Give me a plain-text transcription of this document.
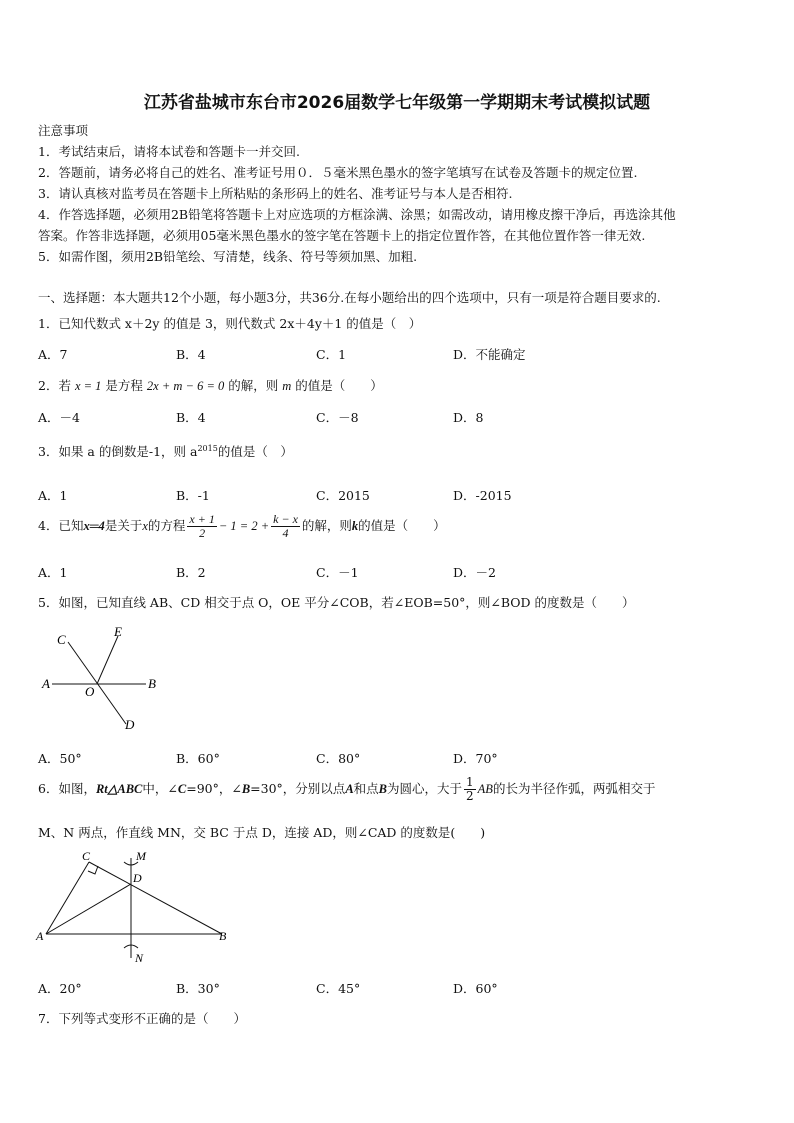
江苏省盐城市东台市2026届数学七年级第一学期期末考试模拟试题
注意事项
1．考试结束后，请将本试卷和答题卡一并交回.
2．答题前，请务必将自己的姓名、准考证号用０．５毫米黑色墨水的签字笔填写在试卷及答题卡的规定位置.
3．请认真核对监考员在答题卡上所粘贴的条形码上的姓名、准考证号与本人是否相符.
4．作答选择题，必须用2B铅笔将答题卡上对应选项的方框涂满、涂黑；如需改动，请用橡皮擦干净后，再选涂其他
答案。作答非选择题，必须用05毫米黑色墨水的签字笔在答题卡上的指定位置作答，在其他位置作答一律无效.
5．如需作图，须用2B铅笔绘、写清楚，线条、符号等须加黑、加粗.
一、选择题：本大题共12个小题，每小题3分，共36分.在每小题给出的四个选项中，只有一项是符合题目要求的.
1．已知代数式 x＋2y 的值是 3，则代数式 2x＋4y＋1 的值是（　）
A．7	B．4	C．1	D．不能确定
2．若 x = 1 是方程 2x + m − 6 = 0 的解，则 m 的值是（　　）
A．－4	B．4	C．－8	D．8
3．如果 a 的倒数是-1，则 $a^{2015}$的值是（　）
A．1	B．-1	C．2015	D．-2015
4．已知x═4是关于x的方程 $\frac{x + 1}{2} - 1 = 2 + \frac{k - x}{4}$ 的解，则k的值是（　　）
A．1	B．2	C．－1	D．－2
5．如图，已知直线 AB、CD 相交于点 O，OE 平分∠COB，若∠EOB=50°，则∠BOD 的度数是（　　）
A	B
C
D
E
O
A．50°	B．60°	C．80°	D．70°
6．如图，Rt△ABC中，∠C=90°，∠B=30°，分别以点A和点B为圆心，大于 $\frac{1}{2}$ AB的长为半径作弧，两弧相交于
M、N 两点，作直线 MN，交 BC 于点 D，连接 AD，则∠CAD 的度数是(　　)
A	B
C
D
M
N
A．20°	B．30°	C．45°	D．60°
7．下列等式变形不正确的是（　　）
